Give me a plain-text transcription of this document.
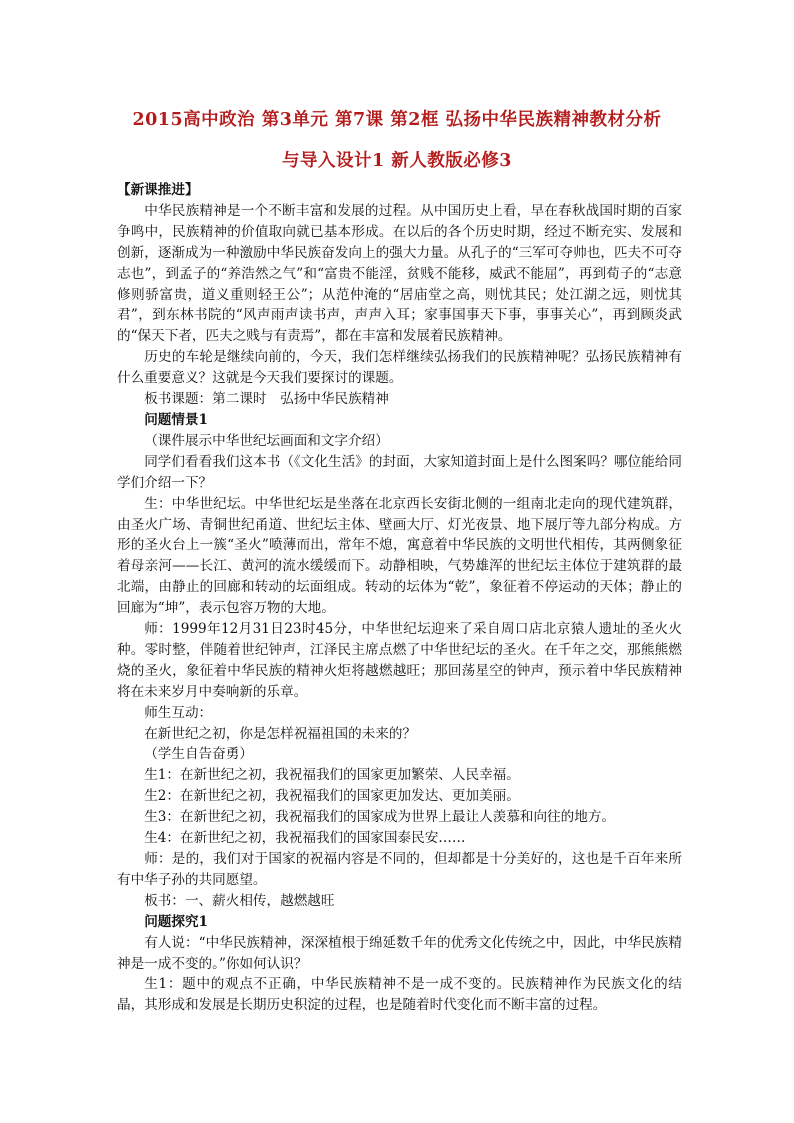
2015高中政治 第3单元 第7课 第2框 弘扬中华民族精神教材分析
与导入设计1 新人教版必修3

【新课推进】

中华民族精神是一个不断丰富和发展的过程。从中国历史上看，早在春秋战国时期的百家争鸣中，民族精神的价值取向就已基本形成。在以后的各个历史时期，经过不断充实、发展和创新，逐渐成为一种激励中华民族奋发向上的强大力量。从孔子的“三军可夺帅也，匹夫不可夺志也”，到孟子的“养浩然之气”和“富贵不能淫，贫贱不能移，威武不能屈”，再到荀子的“志意修则骄富贵，道义重则轻王公”；从范仲淹的“居庙堂之高，则忧其民；处江湖之远，则忧其君”，到东林书院的“风声雨声读书声，声声入耳；家事国事天下事，事事关心”，再到顾炎武的“保天下者，匹夫之贱与有责焉”，都在丰富和发展着民族精神。

历史的车轮是继续向前的，今天，我们怎样继续弘扬我们的民族精神呢？弘扬民族精神有什么重要意义？这就是今天我们要探讨的课题。

板书课题：第二课时　弘扬中华民族精神

问题情景1

（课件展示中华世纪坛画面和文字介绍）

同学们看看我们这本书（《文化生活》的封面，大家知道封面上是什么图案吗？哪位能给同学们介绍一下？

生：中华世纪坛。中华世纪坛是坐落在北京西长安街北侧的一组南北走向的现代建筑群，由圣火广场、青铜世纪甬道、世纪坛主体、壁画大厅、灯光夜景、地下展厅等九部分构成。方形的圣火台上一簇“圣火”喷薄而出，常年不熄，寓意着中华民族的文明世代相传，其两侧象征着母亲河——长江、黄河的流水缓缓而下。动静相映，气势雄浑的世纪坛主体位于建筑群的最北端，由静止的回廊和转动的坛面组成。转动的坛体为“乾”，象征着不停运动的天体；静止的回廊为“坤”，表示包容万物的大地。

师：1999年12月31日23时45分，中华世纪坛迎来了采自周口店北京猿人遗址的圣火火种。零时整，伴随着世纪钟声，江泽民主席点燃了中华世纪坛的圣火。在千年之交，那熊熊燃烧的圣火，象征着中华民族的精神火炬将越燃越旺；那回荡星空的钟声，预示着中华民族精神将在未来岁月中奏响新的乐章。

师生互动：

在新世纪之初，你是怎样祝福祖国的未来的？

（学生自告奋勇）

生1：在新世纪之初，我祝福我们的国家更加繁荣、人民幸福。

生2：在新世纪之初，我祝福我们的国家更加发达、更加美丽。

生3：在新世纪之初，我祝福我们的国家成为世界上最让人羡慕和向往的地方。

生4：在新世纪之初，我祝福我们的国家国泰民安……

师：是的，我们对于国家的祝福内容是不同的，但却都是十分美好的，这也是千百年来所有中华子孙的共同愿望。

板书：一、薪火相传，越燃越旺

问题探究1

有人说：“中华民族精神，深深植根于绵延数千年的优秀文化传统之中，因此，中华民族精神是一成不变的。”你如何认识？

生1：题中的观点不正确，中华民族精神不是一成不变的。民族精神作为民族文化的结晶，其形成和发展是长期历史积淀的过程，也是随着时代变化而不断丰富的过程。
